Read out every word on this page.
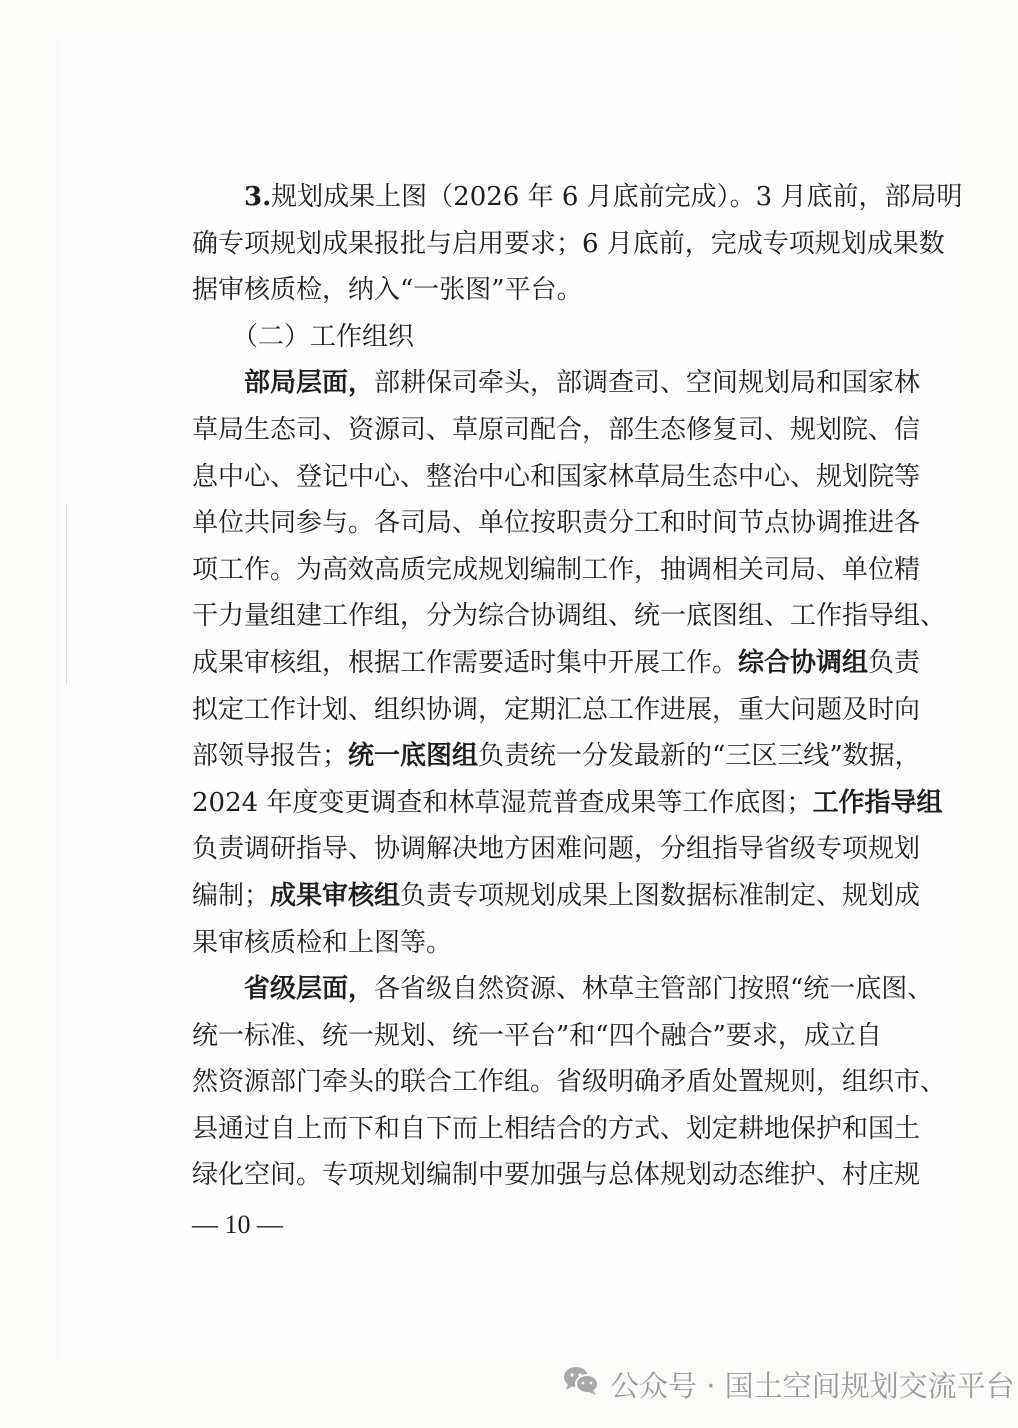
3.规划成果上图（2026 年 6 月底前完成）。3 月底前，部局明
确专项规划成果报批与启用要求；6 月底前，完成专项规划成果数
据审核质检，纳入“一张图”平台。
（二）工作组织
部局层面，部耕保司牵头，部调查司、空间规划局和国家林
草局生态司、资源司、草原司配合，部生态修复司、规划院、信
息中心、登记中心、整治中心和国家林草局生态中心、规划院等
单位共同参与。各司局、单位按职责分工和时间节点协调推进各
项工作。为高效高质完成规划编制工作，抽调相关司局、单位精
干力量组建工作组，分为综合协调组、统一底图组、工作指导组、
成果审核组，根据工作需要适时集中开展工作。综合协调组负责
拟定工作计划、组织协调，定期汇总工作进展，重大问题及时向
部领导报告；统一底图组负责统一分发最新的“三区三线”数据，
2024 年度变更调查和林草湿荒普查成果等工作底图；工作指导组
负责调研指导、协调解决地方困难问题，分组指导省级专项规划
编制；成果审核组负责专项规划成果上图数据标准制定、规划成
果审核质检和上图等。
省级层面，各省级自然资源、林草主管部门按照“统一底图、
统一标准、统一规划、统一平台”和“四个融合”要求，成立自
然资源部门牵头的联合工作组。省级明确矛盾处置规则，组织市、
县通过自上而下和自下而上相结合的方式、划定耕地保护和国土
绿化空间。专项规划编制中要加强与总体规划动态维护、村庄规
— 10 —
公众号 · 国土空间规划交流平台
